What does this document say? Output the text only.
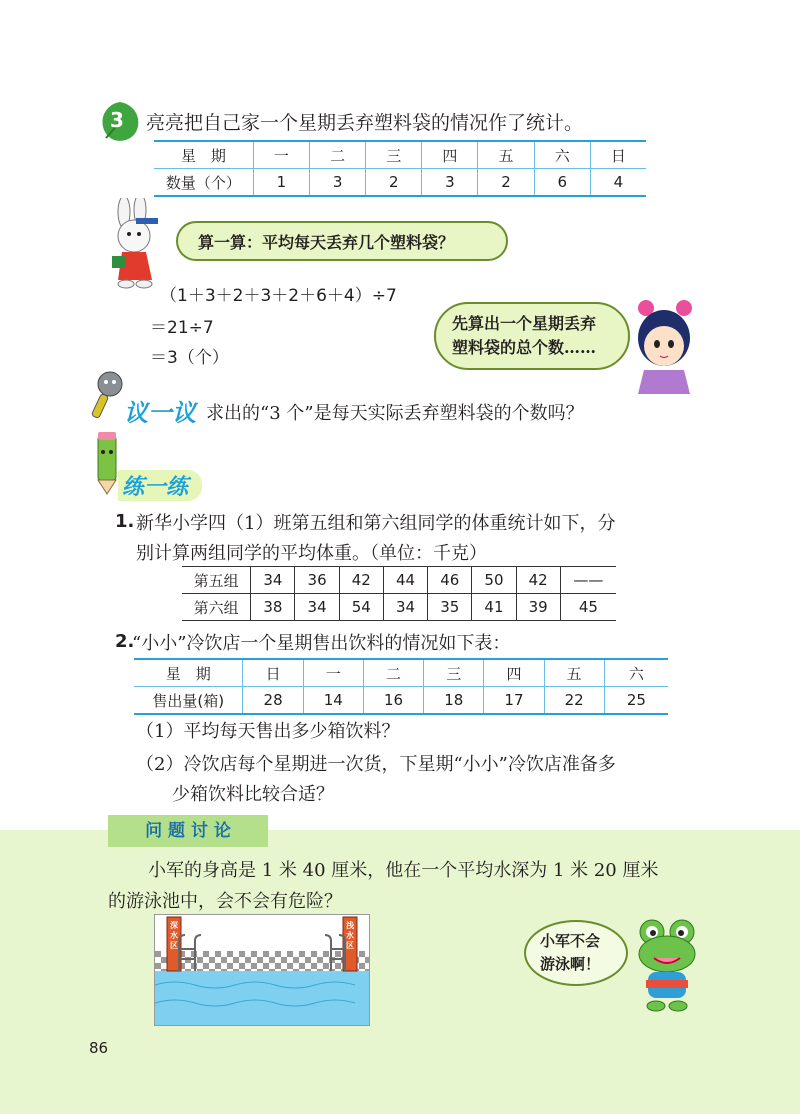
3 亮亮把自己家一个星期丢弃塑料袋的情况作了统计。
星　期	一	二	三	四	五	六	日
数量（个）	1	3	2	3	2	6	4
算一算：平均每天丢弃几个塑料袋？
（1＋3＋2＋3＋2＋6＋4）÷7
＝21÷7
＝3（个）
先算出一个星期丢弃
塑料袋的总个数……
议一议 求出的“3 个”是每天实际丢弃塑料袋的个数吗？
练一练
1. 新华小学四（1）班第五组和第六组同学的体重统计如下，分
别计算两组同学的平均体重。（单位：千克）
第五组	34	36	42	44	46	50	42	——
第六组	38	34	54	34	35	41	39	45
2.
“小小”冷饮店一个星期售出饮料的情况如下表：
星　期	日	一	二	三	四	五	六
售出量(箱)	28	14	16	18	17	22	25
（1）平均每天售出多少箱饮料？
（2）冷饮店每个星期进一次货，下星期“小小”冷饮店准备多
少箱饮料比较合适？
问 题 讨 论
小军的身高是 1 米 40 厘米，他在一个平均水深为 1 米 20 厘米
的游泳池中，会不会有危险？
深水区
浅水区	小军不会
游泳啊！
86
